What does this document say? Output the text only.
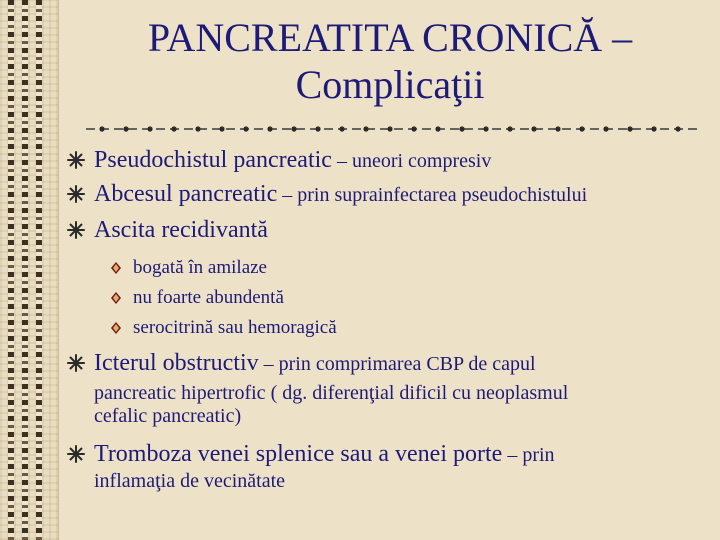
PANCREATITA CRONICĂ –
Complicaţii
Pseudochistul pancreatic – uneori compresiv
Abcesul pancreatic – prin suprainfectarea pseudochistului
Ascita recidivantă
bogată în amilaze
nu foarte abundentă
serocitrină sau hemoragică
Icterul obstructiv – prin comprimarea CBP de capul
pancreatic hipertrofic ( dg. diferenţial dificil cu neoplasmul
cefalic pancreatic)
Tromboza venei splenice sau a venei porte – prin
inflamaţia de vecinătate
